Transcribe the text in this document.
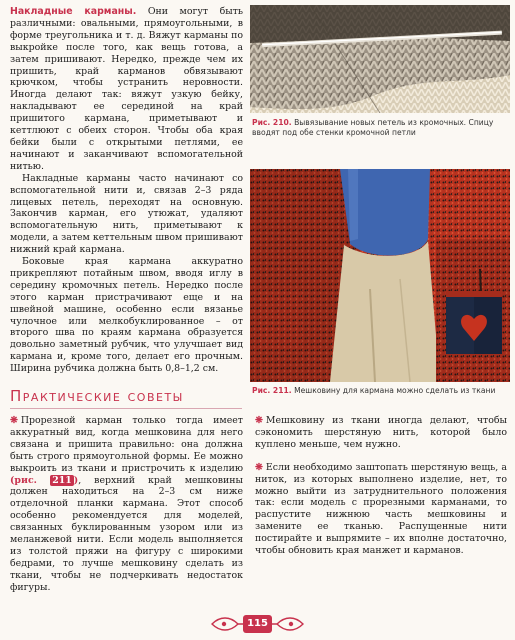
Накладные карманы. Они могут быть различными: овальными, прямоугольными, в форме треугольника и т. д. Вяжут карманы по выкройке после того, как вещь готова, а затем пришивают. Нередко, прежде чем их пришить, край карманов обвязывают крючком, чтобы устранить неровности. Иногда делают так: вяжут узкую бейку, накладывают ее серединой на край пришитого кармана, приметывают и кеттлюют с обеих сторон. Чтобы оба края бейки были с открытыми петлями, ее начинают и заканчивают вспомогательной нитью.

Накладные карманы часто начинают со вспомогательной нити и, связав 2–3 ряда лицевых петель, переходят на основную. Закончив карман, его утюжат, удаляют вспомогательную нить, приметывают к модели, а затем кеттельным швом пришивают нижний край кармана.

Боковые края кармана аккуратно прикрепляют потайным швом, вводя иглу в середину кромочных петель. Нередко после этого карман пристрачивают еще и на швейной машине, особенно если вязанье чулочное или мелкобуклированное – от второго шва по краям кармана образуется довольно заметный рубчик, что улучшает вид кармана и, кроме того, делает его прочным. Ширина рубчика должна быть 0,8–1,2 см.

Рис. 210. Вывязывание новых петель из кромочных. Спицу вводят под обе стенки кромочной петли
Рис. 211. Мешковину для кармана можно сделать из ткани
Практические советы

❋ Прорезной карман только тогда имеет аккуратный вид, когда мешковина для него связана и пришита правильно: она должна быть строго прямоугольной формы. Ее можно выкроить из ткани и пристрочить к изделию (рис. 211 ), верхний край мешковины должен находиться на 2–3 см ниже отделочной планки кармана. Этот способ особенно рекомендуется для моделей, связанных буклированным узором или из меланжевой нити. Если модель выполняется из толстой пряжи на фигуру с широкими бедрами, то лучше мешковину сделать из ткани, чтобы не подчеркивать недостаток фигуры.

❋ Мешковину из ткани иногда делают, чтобы сэкономить шерстяную нить, которой было куплено меньше, чем нужно.

❋ Если необходимо заштопать шерстяную вещь, а ниток, из которых выполнено изделие, нет, то можно выйти из затруднительного положения так: если модель с прорезными карманами, то распустите нижнюю часть мешковины и замените ее тканью. Распущенные нити постирайте и выпрямите – их вполне достаточно, чтобы обновить края манжет и карманов.

115
